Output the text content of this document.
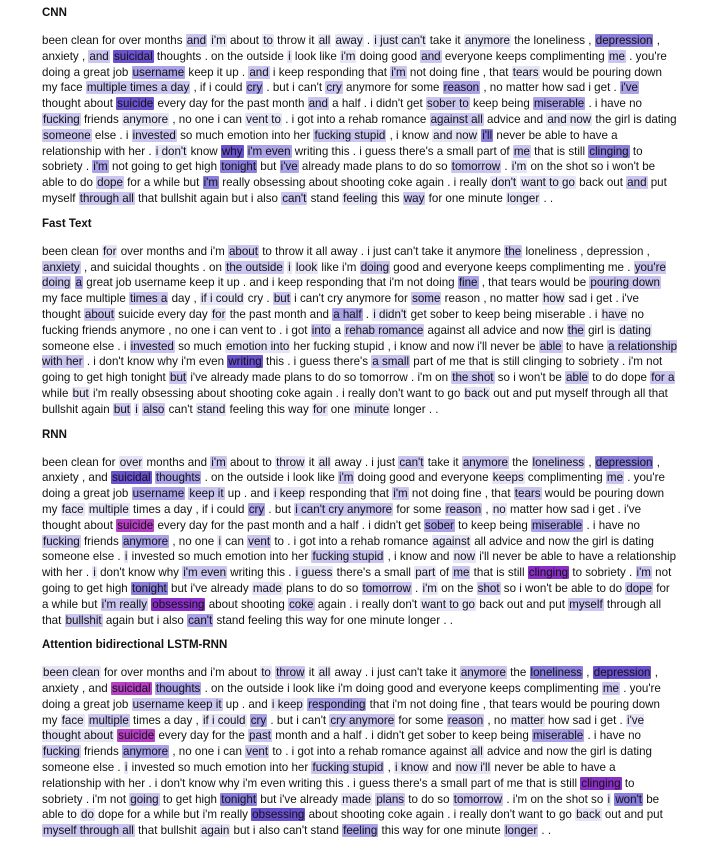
CNN
been clean for over months and i'm about to throw it all away . i just can't take it anymore the loneliness , depression , anxiety , and suicidal thoughts . on the outside i look like i'm doing good and everyone keeps complimenting me . you're doing a great job username keep it up . and i keep responding that i'm not doing fine , that tears would be pouring down my face multiple times a day , if i could cry . but i can't cry anymore for some reason , no matter how sad i get . i've thought about suicide every day for the past month and a half . i didn't get sober to keep being miserable . i have no fucking friends anymore , no one i can vent to . i got into a rehab romance against all advice and and now the girl is dating someone else . i invested so much emotion into her fucking stupid , i know and now i'll never be able to have a relationship with her . i don't know why i'm even writing this . i guess there's a small part of me that is still clinging to sobriety . i'm not going to get high tonight but i've already made plans to do so tomorrow . i'm on the shot so i won't be able to do dope for a while but i'm really obsessing about shooting coke again . i really don't want to go back out and put myself through all that bullshit again but i also can't stand feeling this way for one minute longer . .
Fast Text
been clean for over months and i'm about to throw it all away . i just can't take it anymore the loneliness , depression , anxiety , and suicidal thoughts . on the outside i look like i'm doing good and everyone keeps complimenting me . you're doing a great job username keep it up . and i keep responding that i'm not doing fine , that tears would be pouring down my face multiple times a day , if i could cry . but i can't cry anymore for some reason , no matter how sad i get . i've thought about suicide every day for the past month and a half . i didn't get sober to keep being miserable . i have no fucking friends anymore , no one i can vent to . i got into a rehab romance against all advice and now the girl is dating someone else . i invested so much emotion into her fucking stupid , i know and now i'll never be able to have a relationship with her . i don't know why i'm even writing this . i guess there's a small part of me that is still clinging to sobriety . i'm not going to get high tonight but i've already made plans to do so tomorrow . i'm on the shot so i won't be able to do dope for a while but i'm really obsessing about shooting coke again . i really don't want to go back out and put myself through all that bullshit again but i also can't stand feeling this way for one minute longer . .
RNN
been clean for over months and i'm about to throw it all away . i just can't take it anymore the loneliness , depression , anxiety , and suicidal thoughts . on the outside i look like i'm doing good and everyone keeps complimenting me . you're doing a great job username keep it up . and i keep responding that i'm not doing fine , that tears would be pouring down my face multiple times a day , if i could cry . but i can't cry anymore for some reason , no matter how sad i get . i've thought about suicide every day for the past month and a half . i didn't get sober to keep being miserable . i have no fucking friends anymore , no one i can vent to . i got into a rehab romance against all advice and now the girl is dating someone else . i invested so much emotion into her fucking stupid , i know and now i'll never be able to have a relationship with her . i don't know why i'm even writing this . i guess there's a small part of me that is still clinging to sobriety . i'm not going to get high tonight but i've already made plans to do so tomorrow . i'm on the shot so i won't be able to do dope for a while but i'm really obsessing about shooting coke again . i really don't want to go back out and put myself through all that bullshit again but i also can't stand feeling this way for one minute longer . .
Attention bidirectional LSTM-RNN
been clean for over months and i'm about to throw it all away . i just can't take it anymore the loneliness , depression , anxiety , and suicidal thoughts . on the outside i look like i'm doing good and everyone keeps complimenting me . you're doing a great job username keep it up . and i keep responding that i'm not doing fine , that tears would be pouring down my face multiple times a day , if i could cry . but i can't cry anymore for some reason , no matter how sad i get . i've thought about suicide every day for the past month and a half . i didn't get sober to keep being miserable . i have no fucking friends anymore , no one i can vent to . i got into a rehab romance against all advice and now the girl is dating someone else . i invested so much emotion into her fucking stupid , i know and now i'll never be able to have a relationship with her . i don't know why i'm even writing this . i guess there's a small part of me that is still clinging to sobriety . i'm not going to get high tonight but i've already made plans to do so tomorrow . i'm on the shot so i won't be able to do dope for a while but i'm really obsessing about shooting coke again . i really don't want to go back out and put myself through all that bullshit again but i also can't stand feeling this way for one minute longer . .
